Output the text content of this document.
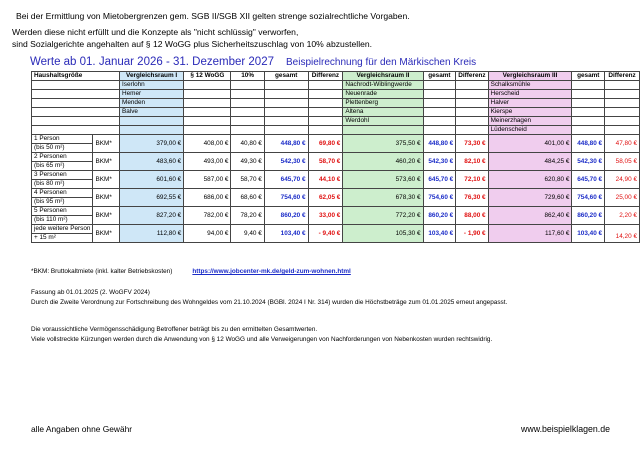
Bei der Ermittlung von Mietobergrenzen gem. SGB II/SGB XII gelten strenge sozialrechtliche Vorgaben.
Werden diese nicht erfüllt und die Konzepte als "nicht schlüssig" verworfen,
sind Sozialgerichte angehalten auf § 12 WoGG plus Sicherheitszuschlag von 10% abzustellen.
Werte ab 01. Januar 2026 - 31. Dezember 2027 Beispielrechnung für den Märkischen Kreis
Haushaltsgröße		Vergleichsraum I	§ 12 WoGG	10%	gesamt	Differenz	Vergleichsraum II	gesamt	Differenz	Vergleichsraum III	gesamt	Differenz
		Iserlohn					Nachrodt-Wiblingwerde			Schalksmühle		
		Hemer					Neuenrade			Herscheid		
		Menden					Plettenberg			Halver		
		Balve					Altena			Kierspe		
							Werdohl			Meinerzhagen		
										Lüdenscheid		
1 Person	BKM*	379,00 €	408,00 €	40,80 €	448,80 €	69,80 €	375,50 €	448,80 €	73,30 €	401,00 €	448,80 €	47,80 €
(bis 50 m²)												
2 Personen	BKM*	483,60 €	493,00 €	49,30 €	542,30 €	58,70 €	460,20 €	542,30 €	82,10 €	484,25 €	542,30 €	58,05 €
(bis 65 m²)												
3 Personen	BKM*	601,60 €	587,00 €	58,70 €	645,70 €	44,10 €	573,60 €	645,70 €	72,10 €	620,80 €	645,70 €	24,90 €
(bis 80 m²)												
4 Personen	BKM*	692,55 €	686,00 €	68,60 €	754,60 €	62,05 €	678,30 €	754,60 €	76,30 €	729,60 €	754,60 €	25,00 €
(bis 95 m²)												
5 Personen	BKM*	827,20 €	782,00 €	78,20 €	860,20 €	33,00 €	772,20 €	860,20 €	88,00 €	862,40 €	860,20 €	2,20 €
(bis 110 m²)												
jede weitere Person	BKM*	112,80 €	94,00 €	9,40 €	103,40 €	- 9,40 €	105,30 €	103,40 €	- 1,90 €	117,60 €	103,40 €	14,20 €
+ 15 m²												
*BKM: Bruttokaltmiete (inkl. kalter Betriebskosten)	https://www.jobcenter-mk.de/geld-zum-wohnen.html
Fassung ab 01.01.2025 (2. WoGFV 2024)
Durch die Zweite Verordnung zur Fortschreibung des Wohngeldes vom 21.10.2024 (BGBl. 2024 I Nr. 314) wurden die Höchstbeträge zum 01.01.2025 erneut angepasst.
Die voraussichtliche Vermögensschädigung Betroffener beträgt bis zu den ermittelten Gesamtwerten.
Viele vollstreckte Kürzungen werden durch die Anwendung von § 12 WoGG und alle Verweigerungen von Nachforderungen von Nebenkosten wurden rechtswidrig.
alle Angaben ohne Gewähr	www.beispielklagen.de
